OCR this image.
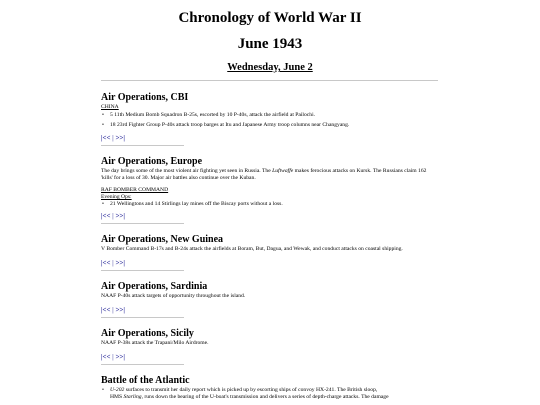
Chronology of World War II
June 1943
Wednesday, June 2
Air Operations, CBI

CHINA

• 5 11th Medium Bomb Squadron B-25s, escorted by 10 P-40s, attack the airfield at Pailochi.
• 18 23rd Fighter Group P-40s attack troop barges at Itu and Japanese Army troop columns near Changyang.

|<< | >>|

Air Operations, Europe

The day brings some of the most violent air fighting yet seen in Russia. The Luftwaffe makes ferocious attacks on Kursk. The Russians claim 162 'kills' for a loss of 30. Major air battles also continue over the Kuban.

RAF BOMBER COMMAND

Evening Ops:

• 21 Wellingtons and 14 Stirlings lay mines off the Biscay ports without a loss.

|<< | >>|

Air Operations, New Guinea

V Bomber Command B-17s and B-24s attack the airfields at Boram, But, Dagua, and Wewak, and conduct attacks on coastal shipping.

|<< | >>|

Air Operations, Sardinia

NAAF P-40s attack targets of opportunity throughout the island.

|<< | >>|

Air Operations, Sicily

NAAF P-38s attack the Trapani/Milo Airdrome.

|<< | >>|

Battle of the Atlantic
• U-202 surfaces to transmit her daily report which is picked up by escorting ships of convoy HX-241. The British sloop,
HMS Starling, runs down the bearing of the U-boat's transmission and delivers a series of depth-charge attacks. The damage
